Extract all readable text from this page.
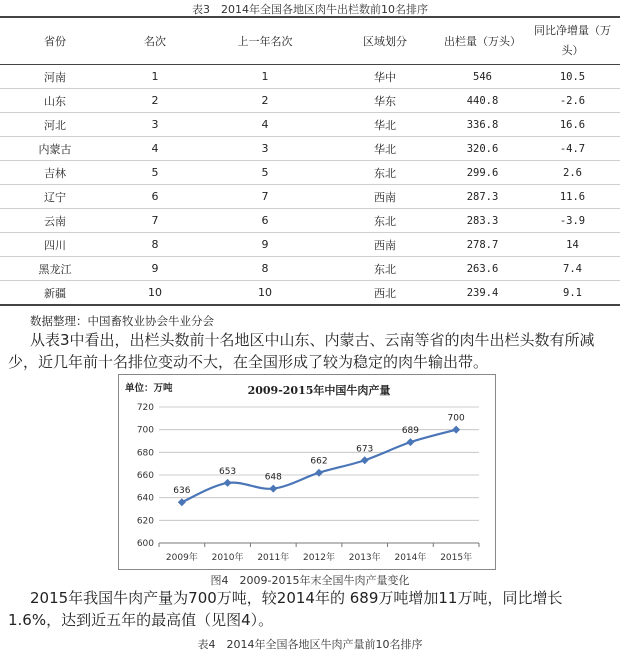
表3　2014年全国各地区肉牛出栏数前10名排序
省份	名次	上一年名次	区域划分	出栏量（万头）	同比净增量（万头）
河南	1	1	华中	546	10.5
山东	2	2	华东	440.8	-2.6
河北	3	4	华北	336.8	16.6
内蒙古	4	3	华北	320.6	-4.7
吉林	5	5	东北	299.6	2.6
辽宁	6	7	西南	287.3	11.6
云南	7	6	东北	283.3	-3.9
四川	8	9	西南	278.7	14
黑龙江	9	8	东北	263.6	7.4
新疆	10	10	西北	239.4	9.1
数据整理：中国畜牧业协会牛业分会
从表3中看出，出栏头数前十名地区中山东、内蒙古、云南等省的肉牛出栏头数有所减少，近几年前十名排位变动不大，在全国形成了较为稳定的肉牛输出带。
单位：万吨	2009-2015年中国牛肉产量
600
620
640
660
680
700
720
2009年 2010年 2011年 2012年 2013年 2014年 2015年
636
653
648
662
673
689
700
图4　2009-2015年末全国牛肉产量变化
2015年我国牛肉产量为700万吨，较2014年的 689万吨增加11万吨，同比增长1.6%，达到近五年的最高值（见图4）。
表4　2014年全国各地区牛肉产量前10名排序
